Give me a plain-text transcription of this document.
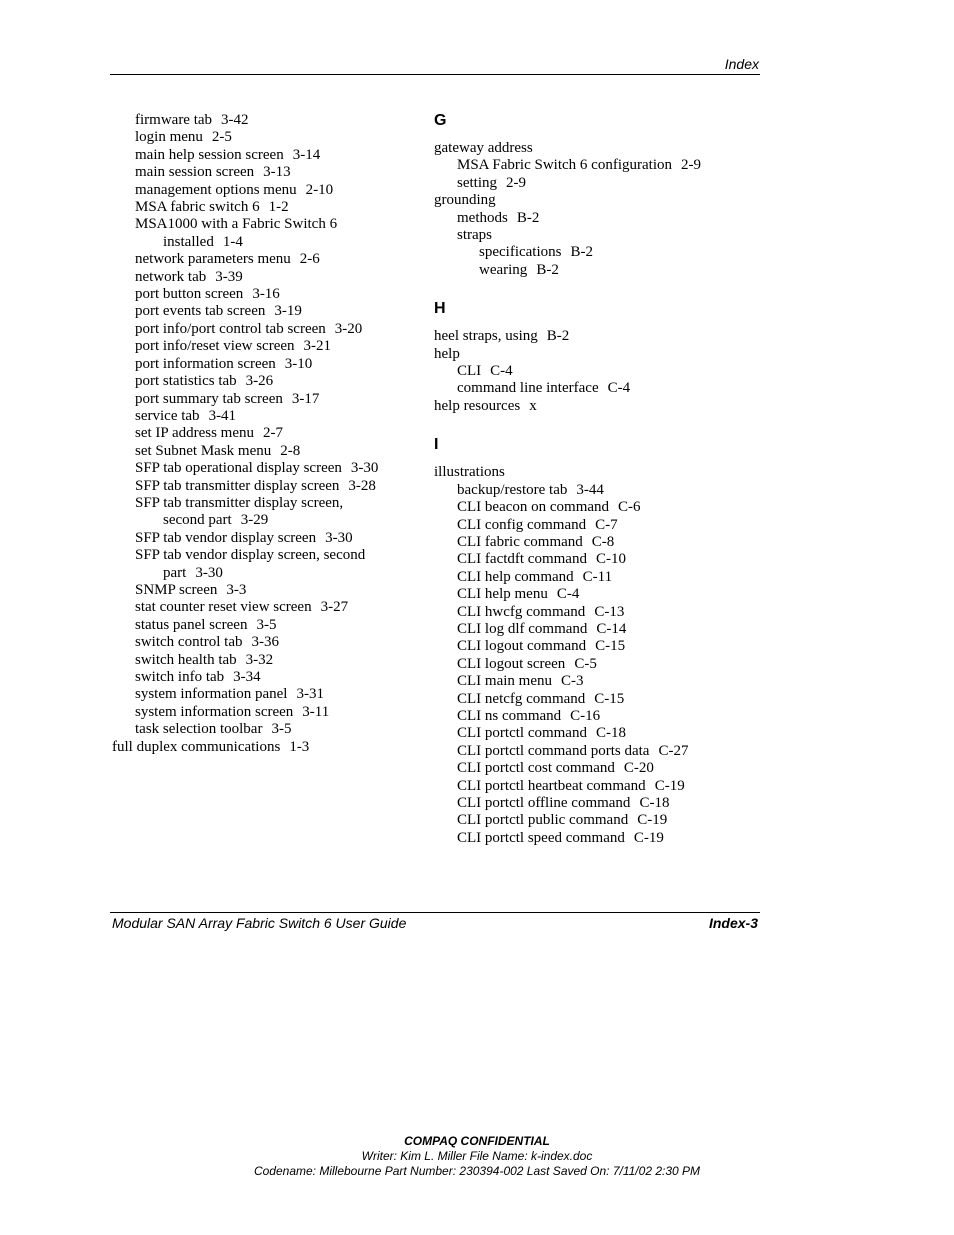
Index
firmware tab 3-42
login menu 2-5
main help session screen 3-14
main session screen 3-13
management options menu 2-10
MSA fabric switch 6 1-2
MSA1000 with a Fabric Switch 6
installed 1-4
network parameters menu 2-6
network tab 3-39
port button screen 3-16
port events tab screen 3-19
port info/port control tab screen 3-20
port info/reset view screen 3-21
port information screen 3-10
port statistics tab 3-26
port summary tab screen 3-17
service tab 3-41
set IP address menu 2-7
set Subnet Mask menu 2-8
SFP tab operational display screen 3-30
SFP tab transmitter display screen 3-28
SFP tab transmitter display screen,
second part 3-29
SFP tab vendor display screen 3-30
SFP tab vendor display screen, second
part 3-30
SNMP screen 3-3
stat counter reset view screen 3-27
status panel screen 3-5
switch control tab 3-36
switch health tab 3-32
switch info tab 3-34
system information panel 3-31
system information screen 3-11
task selection toolbar 3-5
full duplex communications 1-3
G
gateway address
MSA Fabric Switch 6 configuration 2-9
setting 2-9
grounding
methods B-2
straps
specifications B-2
wearing B-2
H
heel straps, using B-2
help
CLI C-4
command line interface C-4
help resources x
I
illustrations
backup/restore tab 3-44
CLI beacon on command C-6
CLI config command C-7
CLI fabric command C-8
CLI factdft command C-10
CLI help command C-11
CLI help menu C-4
CLI hwcfg command C-13
CLI log dlf command C-14
CLI logout command C-15
CLI logout screen C-5
CLI main menu C-3
CLI netcfg command C-15
CLI ns command C-16
CLI portctl command C-18
CLI portctl command ports data C-27
CLI portctl cost command C-20
CLI portctl heartbeat command C-19
CLI portctl offline command C-18
CLI portctl public command C-19
CLI portctl speed command C-19
Modular SAN Array Fabric Switch 6 User Guide	Index-3
COMPAQ CONFIDENTIAL
Writer: Kim L. Miller File Name: k-index.doc
Codename: Millebourne Part Number: 230394-002 Last Saved On: 7/11/02 2:30 PM
